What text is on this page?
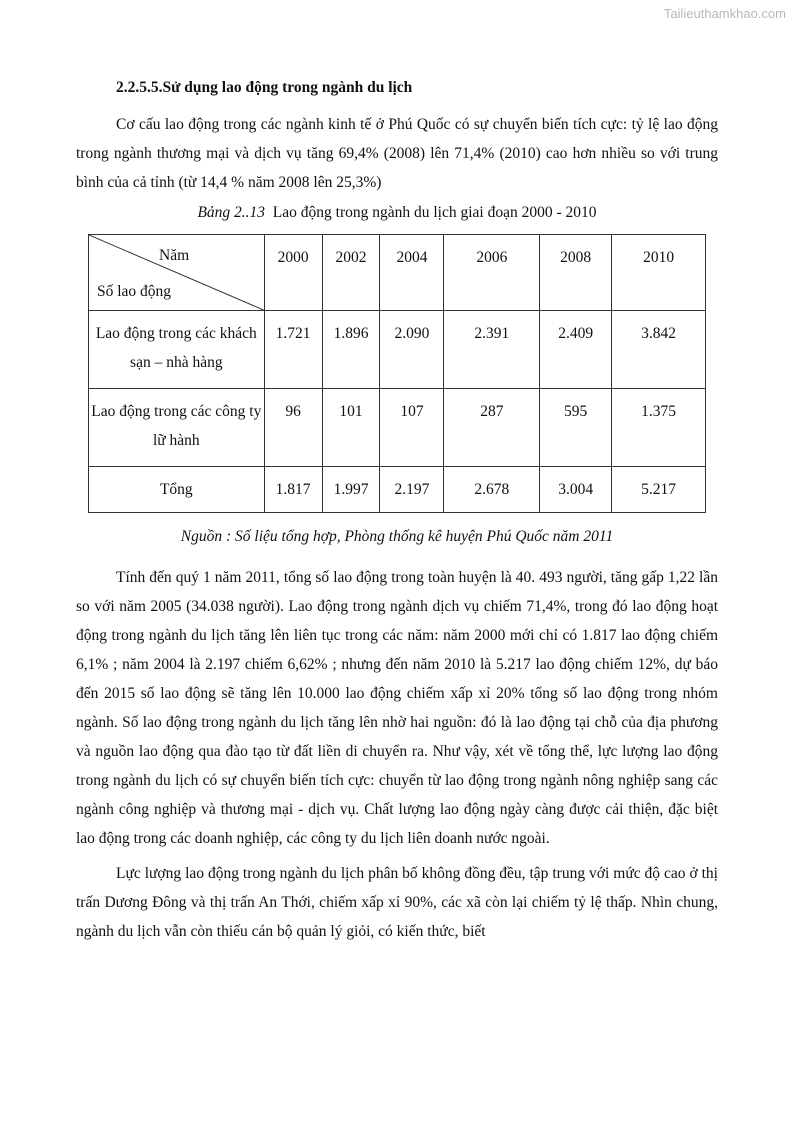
Tailieuthamkhao.com
2.2.5.5.Sử dụng lao động trong ngành du lịch

Cơ cấu lao động trong các ngành kinh tế ở Phú Quốc có sự chuyển biến tích cực: tỷ lệ lao động trong ngành thương mại và dịch vụ tăng 69,4% (2008) lên 71,4% (2010) cao hơn nhiều so với trung bình của cả tỉnh (từ 14,4 % năm 2008 lên 25,3%)

Bảng 2..13 Lao động trong ngành du lịch giai đoạn 2000 - 2010
Năm
Số lao động	2000	2002	2004	2006	2008	2010
Lao động trong các khách sạn – nhà hàng	1.721	1.896	2.090	2.391	2.409	3.842
Lao động trong các công ty lữ hành	96	101	107	287	595	1.375
Tổng	1.817	1.997	2.197	2.678	3.004	5.217
Nguồn : Số liệu tổng hợp, Phòng thống kê huyện Phú Quốc năm 2011

Tính đến quý 1 năm 2011, tổng số lao động trong toàn huyện là 40. 493 người, tăng gấp 1,22 lần so với năm 2005 (34.038 người). Lao động trong ngành dịch vụ chiếm 71,4%, trong đó lao động hoạt động trong ngành du lịch tăng lên liên tục trong các năm: năm 2000 mới chỉ có 1.817 lao động chiếm 6,1% ; năm 2004 là 2.197 chiếm 6,62% ; nhưng đến năm 2010 là 5.217 lao động chiếm 12%, dự báo đến 2015 số lao động sẽ tăng lên 10.000 lao động chiếm xấp xỉ 20% tổng số lao động trong nhóm ngành. Số lao động trong ngành du lịch tăng lên nhờ hai nguồn: đó là lao động tại chỗ của địa phương và nguồn lao động qua đào tạo từ đất liền di chuyển ra. Như vậy, xét về tổng thể, lực lượng lao động trong ngành du lịch có sự chuyển biến tích cực: chuyển từ lao động trong ngành nông nghiệp sang các ngành công nghiệp và thương mại - dịch vụ. Chất lượng lao động ngày càng được cải thiện, đặc biệt lao động trong các doanh nghiệp, các công ty du lịch liên doanh nước ngoài.

Lực lượng lao động trong ngành du lịch phân bố không đồng đều, tập trung với mức độ cao ở thị trấn Dương Đông và thị trấn An Thới, chiếm xấp xỉ 90%, các xã còn lại chiếm tỷ lệ thấp. Nhìn chung, ngành du lịch vẫn còn thiếu cán bộ quản lý giỏi, có kiến thức, biết
